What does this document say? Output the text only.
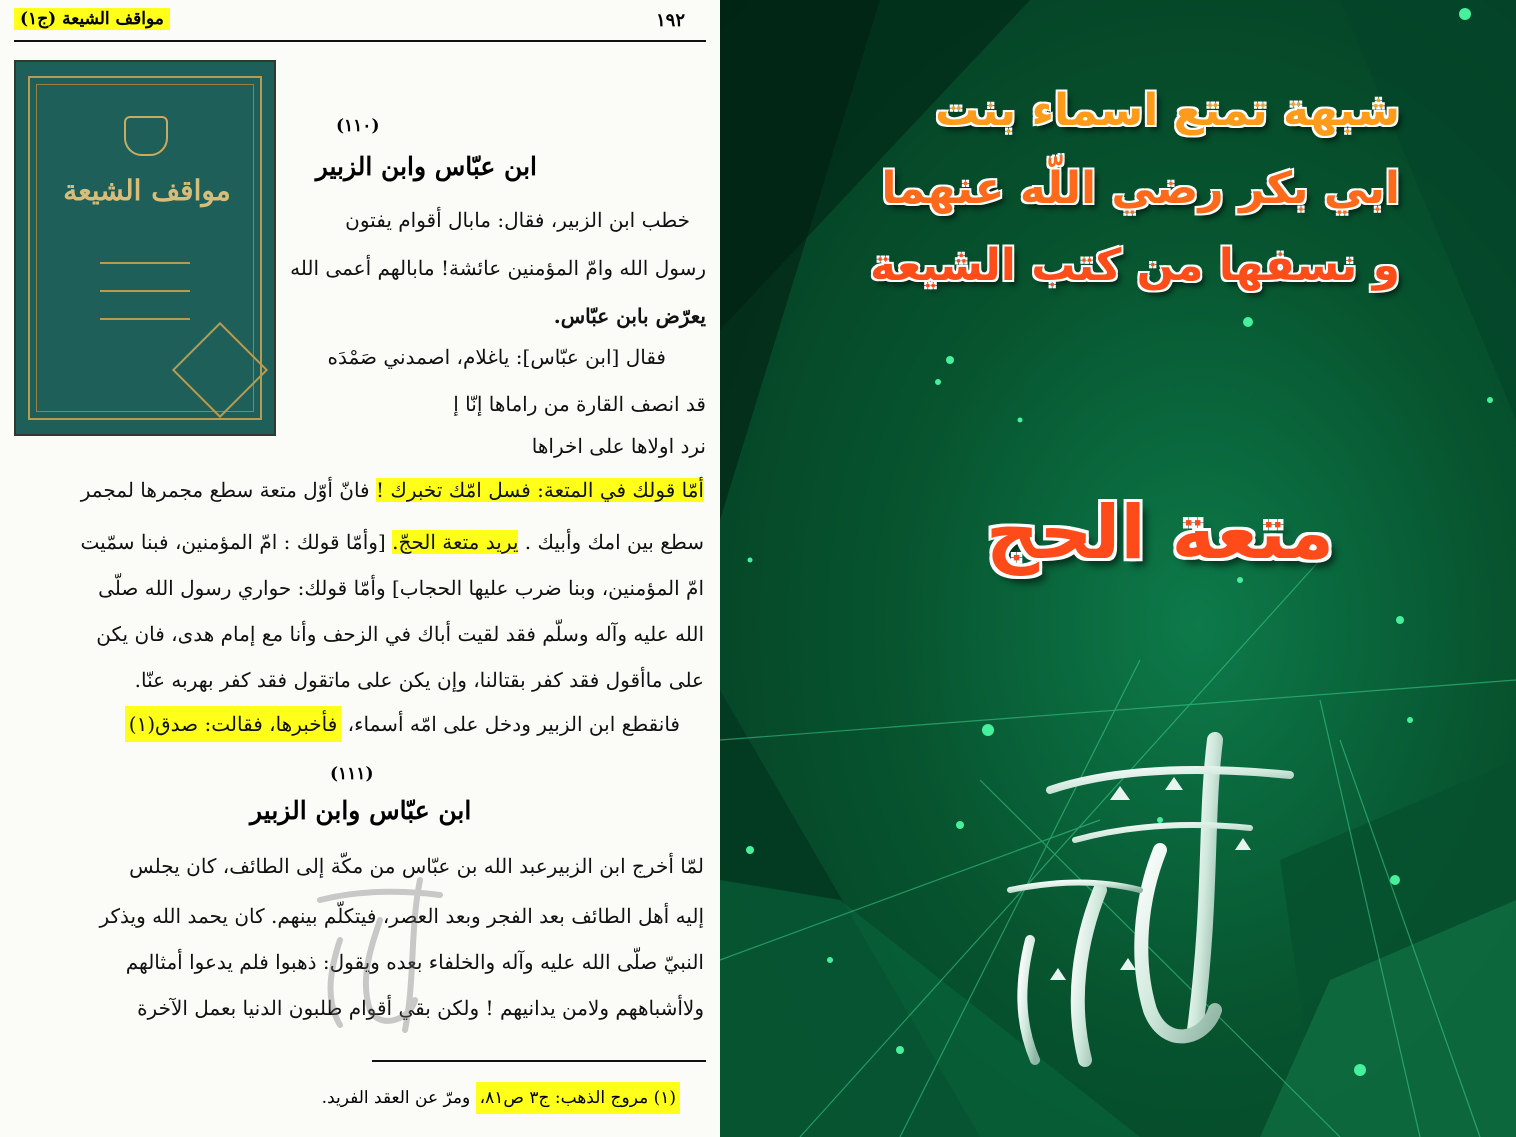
مواقف الشيعة (ج١)	١٩٢
مواقف الشيعة
(١١٠)
ابن عبّاس وابن الزبير
خطب ابن الزبير، فقال: مابال أقوام يفتون
رسول الله وامّ المؤمنين عائشة! مابالهم أعمى الله
يعرّض بابن عبّاس.
فقال [ابن عبّاس]: ياغلام، اصمدني صَمْدَه
قد انصف القارة من راماها إنّا إ
نرد اولاها على اخراها
أمّا قولك في المتعة: فسل امّك تخبرك ! فانّ أوّل متعة سطع مجمرها لمجمر
سطع بين امك وأبيك . يريد متعة الحجّ. [وأمّا قولك : امّ المؤمنين، فبنا سمّيت
امّ المؤمنين، وبنا ضرب عليها الحجاب] وأمّا قولك: حواري رسول الله صلّى
الله عليه وآله وسلّم فقد لقيت أباك في الزحف وأنا مع إمام هدى، فان يكن
على ماأقول فقد كفر بقتالنا، وإن يكن على ماتقول فقد كفر بهربه عنّا.
فانقطع ابن الزبير ودخل على امّه أسماء، فأخبرها، فقالت: صدق(١)
(١١١)
ابن عبّاس وابن الزبير
لمّا أخرج ابن الزبيرعبد الله بن عبّاس من مكّة إلى الطائف، كان يجلس
إليه أهل الطائف بعد الفجر وبعد العصر، فيتكلّم بينهم. كان يحمد الله ويذكر
النبيّ صلّى الله عليه وآله والخلفاء بعده ويقول: ذهبوا فلم يدعوا أمثالهم
ولاأشباههم ولامن يدانيهم ! ولكن بقي أقوام طلبون الدنيا بعمل الآخرة
(١) مروج الذهب: ج٣ ص٨١، ومرّ عن العقد الفريد.
شبهة تمتع اسماء بنت
ابي بكر رضي اللّه عنهما
و نسفها من كتب الشيعة
متعة الحج
